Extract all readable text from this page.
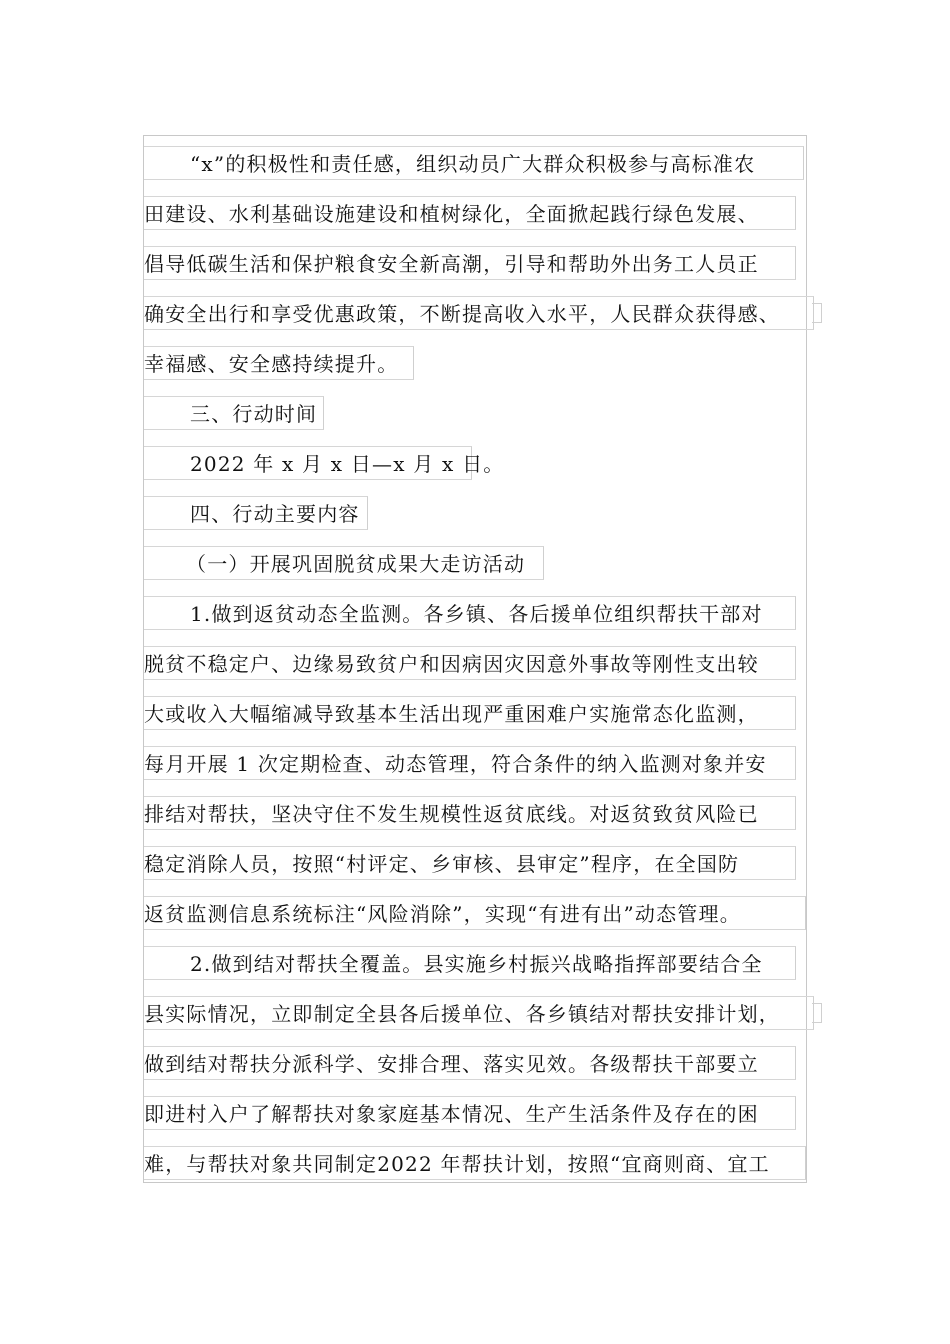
“x”的积极性和责任感，组织动员广大群众积极参与高标准农
田建设、水利基础设施建设和植树绿化，全面掀起践行绿色发展、
倡导低碳生活和保护粮食安全新高潮，引导和帮助外出务工人员正
确安全出行和享受优惠政策，不断提高收入水平，人民群众获得感、
幸福感、安全感持续提升。
三、行动时间
2022 年 x 月 x 日—x 月 x 日。
四、行动主要内容
（一）开展巩固脱贫成果大走访活动
1.做到返贫动态全监测。各乡镇、各后援单位组织帮扶干部对
脱贫不稳定户、边缘易致贫户和因病因灾因意外事故等刚性支出较
大或收入大幅缩减导致基本生活出现严重困难户实施常态化监测，
每月开展 1 次定期检查、动态管理，符合条件的纳入监测对象并安
排结对帮扶，坚决守住不发生规模性返贫底线。对返贫致贫风险已
稳定消除人员，按照“村评定、乡审核、县审定”程序，在全国防
返贫监测信息系统标注“风险消除”，实现“有进有出”动态管理。
2.做到结对帮扶全覆盖。县实施乡村振兴战略指挥部要结合全
县实际情况，立即制定全县各后援单位、各乡镇结对帮扶安排计划，
做到结对帮扶分派科学、安排合理、落实见效。各级帮扶干部要立
即进村入户了解帮扶对象家庭基本情况、生产生活条件及存在的困
难，与帮扶对象共同制定2022 年帮扶计划，按照“宜商则商、宜工
